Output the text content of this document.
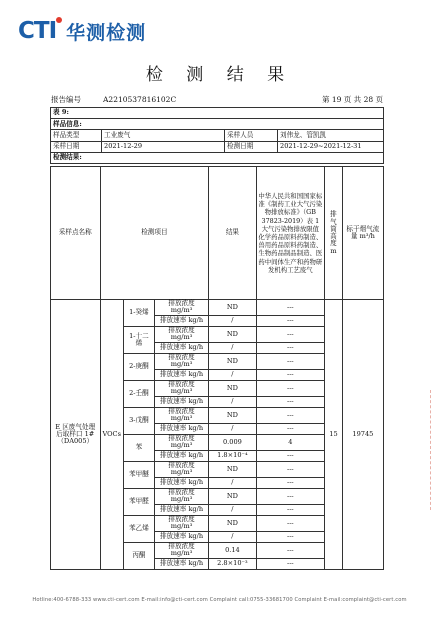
CTI 华测检测
检 测 结 果
报告编号	A2210537816102C	第 19 页 共 28 页
表 9:			
样品信息:			
样品类型	工业废气	采样人员	刘伟龙、管凯凯
采样日期	2021-12-29	检测日期	2021-12-29~2021-12-31
检测结果:			
采样点名称	检测项目			结果	中华人民共和国国家标准《制药工业大气污染物排放标准》（GB 37823-2019）表 1 大气污染物排放限值 化学药品原料药制造、兽用药品原料药制造、生物药品制品制造、医药中间体生产和药物研发机构工艺废气	排气筒高度 m	标干烟气流量 m³/h
E 区废气处理后取样口 1# （DA005）	VOCs	1-癸烯	排放浓度 mg/m³	ND	---	15	19745
			排放速率 kg/h	/	---		
		1-十二烯	排放浓度 mg/m³	ND	---		
			排放速率 kg/h	/	---		
		2-庚酮	排放浓度 mg/m³	ND	---		
			排放速率 kg/h	/	---		
		2-壬酮	排放浓度 mg/m³	ND	---		
			排放速率 kg/h	/	---		
		3-戊酮	排放浓度 mg/m³	ND	---		
			排放速率 kg/h	/	---		
		苯	排放浓度 mg/m³	0.009	4		
			排放速率 kg/h	1.8×10⁻⁴	---		
		苯甲醚	排放浓度 mg/m³	ND	---		
			排放速率 kg/h	/	---		
		苯甲醛	排放浓度 mg/m³	ND	---		
			排放速率 kg/h	/	---		
		苯乙烯	排放浓度 mg/m³	ND	---		
			排放速率 kg/h	/	---		
		丙酮	排放浓度 mg/m³	0.14	---		
			排放速率 kg/h	2.8×10⁻³	---		
Hotline:400-6788-333 www.cti-cert.com E-mail:info@cti-cert.com Complaint call:0755-33681700 Complaint E-mail:complaint@cti-cert.com
